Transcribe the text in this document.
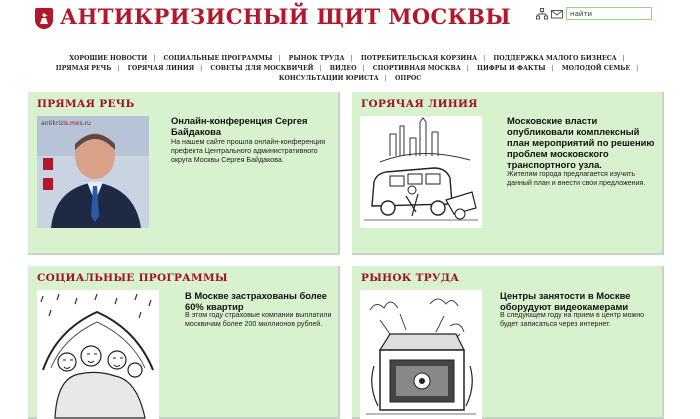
АНТИКРИЗИСНЫЙ ЩИТ МОСКВЫ
найти
ХОРОШИЕ НОВОСТИ | СОЦИАЛЬНЫЕ ПРОГРАММЫ | РЫНОК ТРУДА | ПОТРЕБИТЕЛЬСКАЯ КОРЗИНА | ПОДДЕРЖКА МАЛОГО БИЗНЕСА |
ПРЯМАЯ РЕЧЬ | ГОРЯЧАЯ ЛИНИЯ | СОВЕТЫ ДЛЯ МОСКВИЧЕЙ | ВИДЕО | СПОРТИВНАЯ МОСКВА | ЦИФРЫ И ФАКТЫ | МОЛОДОЙ СЕМЬЕ |
КОНСУЛЬТАЦИИ ЮРИСТА | ОПРОС
ПРЯМАЯ РЕЧЬ
antikrizis.mos.ru	Онлайн-конференция Сергея Байдакова
На нашем сайте прошла онлайн-конференция префекта Центрального административного округа Москвы Сергея Байдакова.
ГОРЯЧАЯ ЛИНИЯ
Московские власти опубликовали комплексный план мероприятий по решению проблем московского транспортного узла.
Жителям города предлагается изучить данный план и внести свои предложения.
СОЦИАЛЬНЫЕ ПРОГРАММЫ
В Москве застрахованы более 60% квартир
В этом году страховые компании выплатили москвичам более 200 миллионов рублей.
РЫНОК ТРУДА
Центры занятости в Москве оборудуют видеокамерами
В следующем году на прием в центр можно будет записаться через интернет.
